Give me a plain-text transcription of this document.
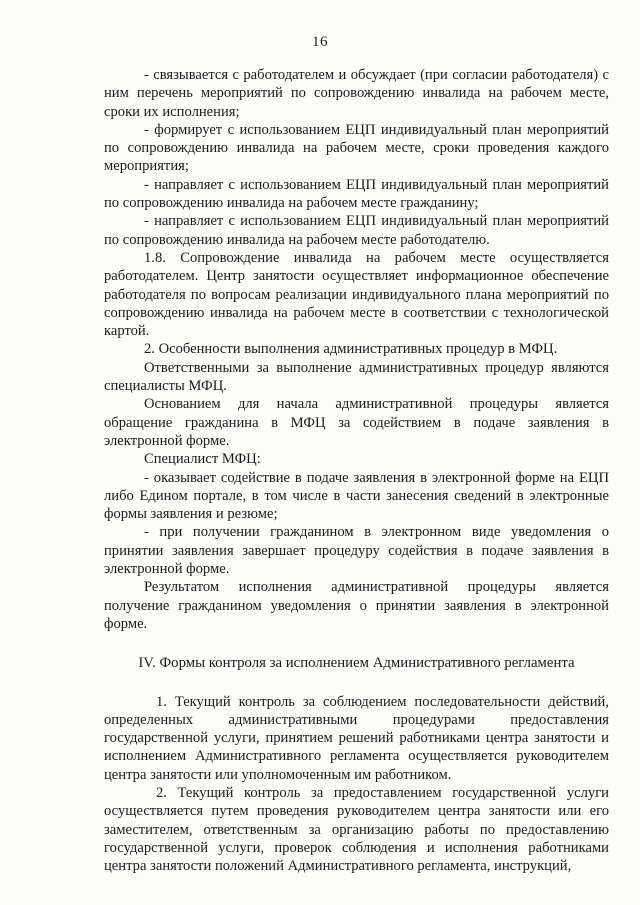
16

- связывается с работодателем и обсуждает (при согласии работодателя) с ним перечень мероприятий по сопровождению инвалида на рабочем месте, сроки их исполнения;

- формирует с использованием ЕЦП индивидуальный план мероприятий по сопровождению инвалида на рабочем месте, сроки проведения каждого мероприятия;

- направляет с использованием ЕЦП индивидуальный план мероприятий по сопровождению инвалида на рабочем месте гражданину;

- направляет с использованием ЕЦП индивидуальный план мероприятий по сопровождению инвалида на рабочем месте работодателю.

1.8. Сопровождение инвалида на рабочем месте осуществляется работодателем. Центр занятости осуществляет информационное обеспечение работодателя по вопросам реализации индивидуального плана мероприятий по сопровождению инвалида на рабочем месте в соответствии с технологической картой.

2. Особенности выполнения административных процедур в МФЦ.

Ответственными за выполнение административных процедур являются специалисты МФЦ.

Основанием для начала административной процедуры является обращение гражданина в МФЦ за содействием в подаче заявления в электронной форме.

Специалист МФЦ:

- оказывает содействие в подаче заявления в электронной форме на ЕЦП либо Едином портале, в том числе в части занесения сведений в электронные формы заявления и резюме;

- при получении гражданином в электронном виде уведомления о принятии заявления завершает процедуру содействия в подаче заявления в электронной форме.

Результатом исполнения административной процедуры является получение гражданином уведомления о принятии заявления в электронной форме.

IV. Формы контроля за исполнением Административного регламента

1. Текущий контроль за соблюдением последовательности действий, определенных административными процедурами предоставления государственной услуги, принятием решений работниками центра занятости и исполнением Административного регламента осуществляется руководителем центра занятости или уполномоченным им работником.

2. Текущий контроль за предоставлением государственной услуги осуществляется путем проведения руководителем центра занятости или его заместителем, ответственным за организацию работы по предоставлению государственной услуги, проверок соблюдения и исполнения работниками центра занятости положений Административного регламента, инструкций,
